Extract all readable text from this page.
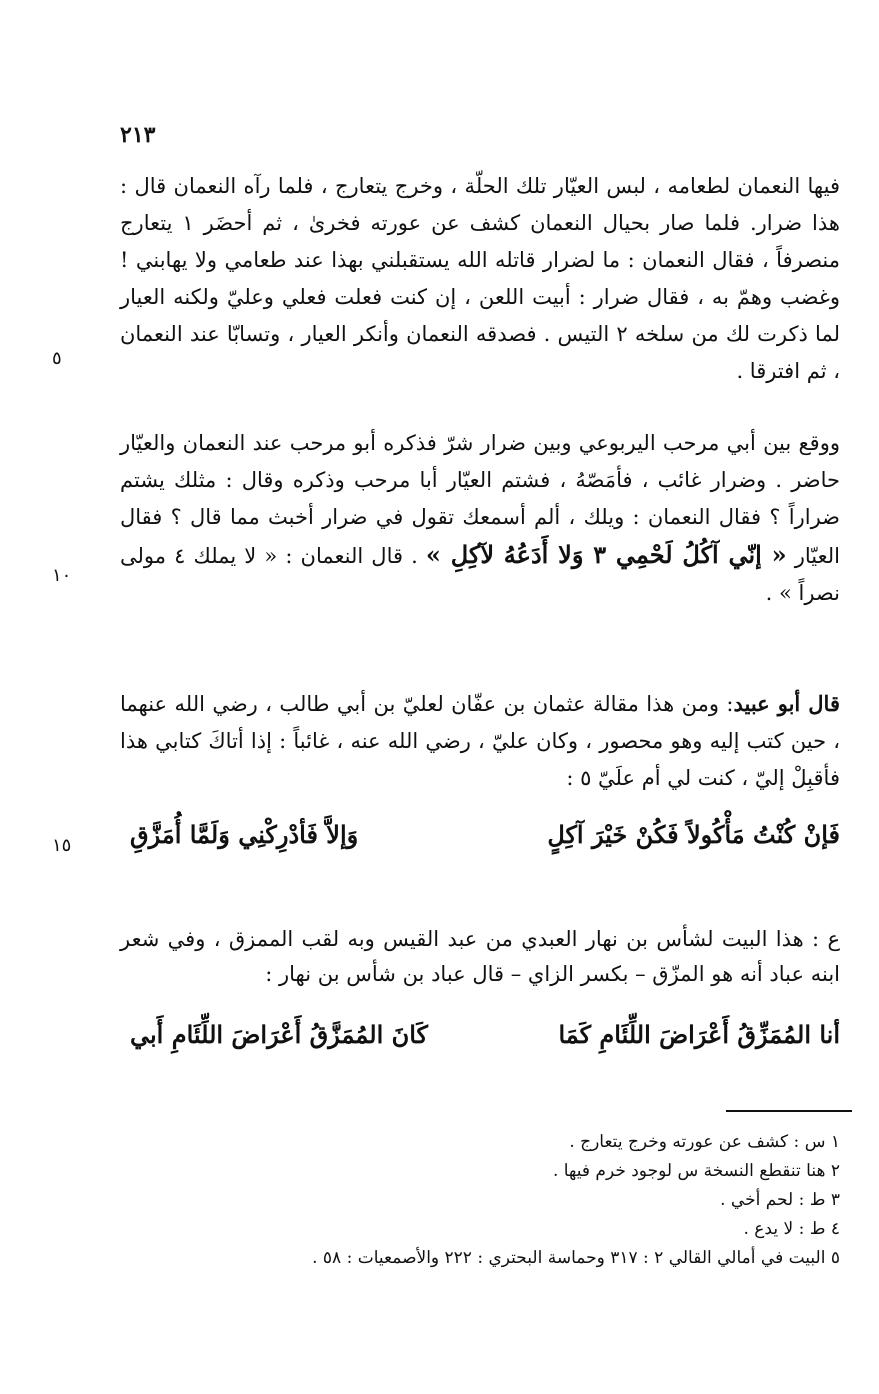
٢١٣

فيها النعمان لطعامه ، لبس العيّار تلك الحلّة ، وخرج يتعارج ، فلما رآه النعمان قال : هذا ضرار. فلما صار بحيال النعمان كشف عن عورته فخرىٰ ، ثم أحضَر ١ يتعارج منصرفاً ، فقال النعمان : ما لضرار قاتله الله يستقبلني بهذا عند طعامي ولا يهابني ! وغضب وهمّ به ، فقال ضرار : أبيت اللعن ، إن كنت فعلت فعلي وعليّ ولكنه العيار لما ذكرت لك من سلخه ٢ التيس . فصدقه النعمان وأنكر العيار ، وتسابّا عند النعمان ، ثم افترقا .

ووقع بين أبي مرحب اليربوعي وبين ضرار شرّ فذكره أبو مرحب عند النعمان والعيّار حاضر . وضرار غائب ، فأمَصّهُ ، فشتم العيّار أبا مرحب وذكره وقال : مثلك يشتم ضراراً ؟ فقال النعمان : ويلك ، ألم أسمعك تقول في ضرار أخبث مما قال ؟ فقال العيّار « إنّي آكُلُ لَحْمِي ٣ وَلا أَدَعُهُ لآكِلِ » . قال النعمان : « لا يملك ٤ مولى نصراً » .

قال أبو عبيد: ومن هذا مقالة عثمان بن عفّان لعليّ بن أبي طالب ، رضي الله عنهما ، حين كتب إليه وهو محصور ، وكان عليّ ، رضي الله عنه ، غائباً : إذا أتاكَ كتابي هذا فأقبِلْ إليّ ، كنت لي أم علَيّ ٥ :

فَإنْ كُنْتُ مَأْكُولاً فَكُنْ خَيْرَ آكِلٍ
وَإلاَّ فَأدْرِكْنِي وَلَمَّا أُمَزَّقِ

ع : هذا البيت لشأس بن نهار العبدي من عبد القيس وبه لقب الممزق ، وفي شعر ابنه عباد أنه هو المزّق – بكسر الزاي – قال عباد بن شأس بن نهار :

أنا المُمَزِّقُ أَعْرَاضَ اللِّئَامِ كَمَا
كَانَ المُمَزَّقُ أَعْرَاضَ اللِّئَامِ أَبي
٥
١٠
١٥
١ س : كشف عن عورته وخرج يتعارج .
٢ هنا تنقطع النسخة س لوجود خرم فيها .
٣ ط : لحم أخي .
٤ ط : لا يدع .
٥ البيت في أمالي القالي ٢ : ٣١٧ وحماسة البحتري : ٢٢٢ والأصمعيات : ٥٨ .
